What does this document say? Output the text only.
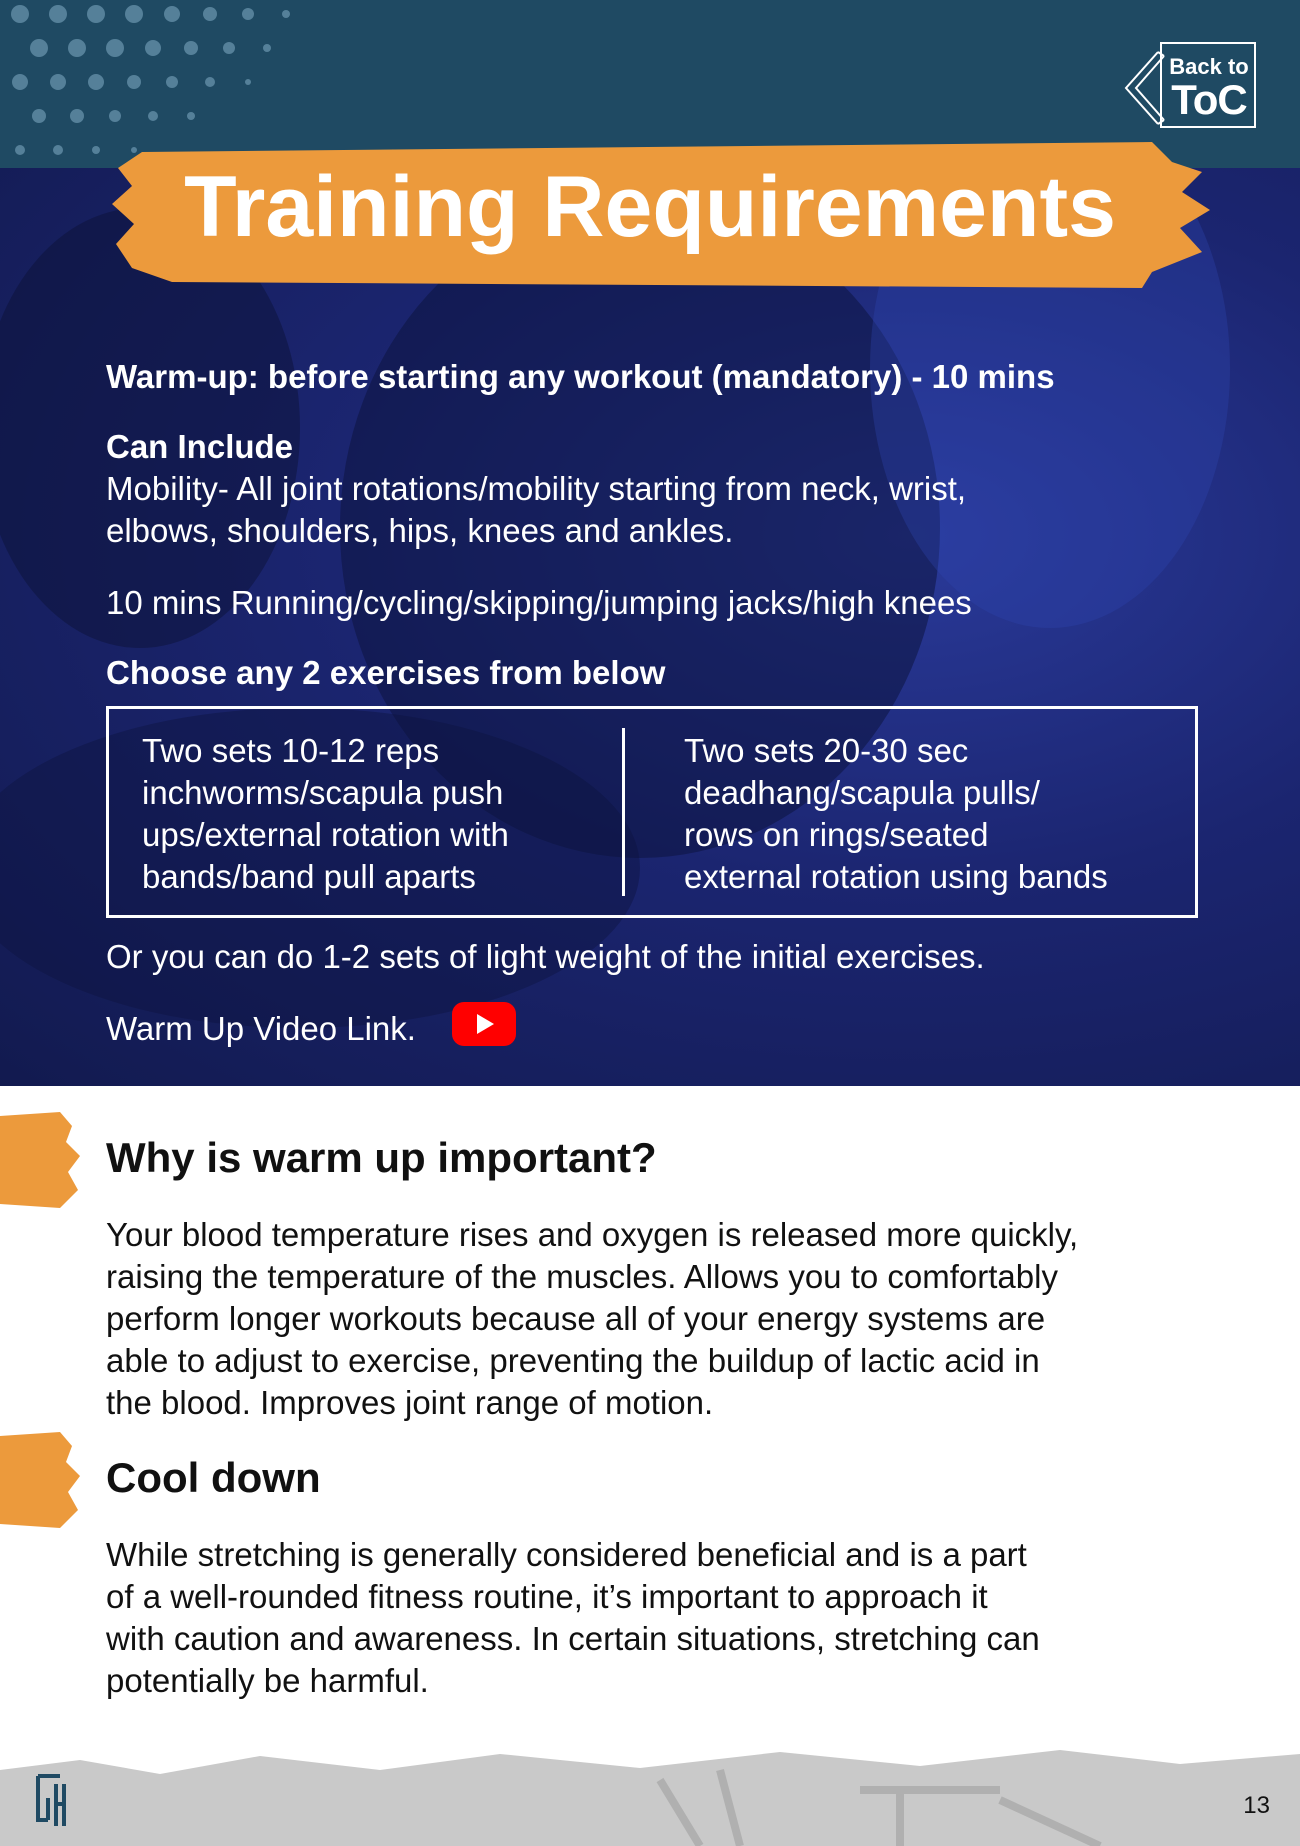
Back to
ToC
Training Requirements
Warm-up: before starting any workout (mandatory) - 10 mins
Can Include
Mobility- All joint rotations/mobility starting from neck, wrist,
elbows, shoulders, hips, knees and ankles.
10 mins Running/cycling/skipping/jumping jacks/high knees
Choose any 2 exercises from below
Two sets 10-12 reps
inchworms/scapula push
ups/external rotation with
bands/band pull aparts
Two sets 20-30 sec
deadhang/scapula pulls/
rows on rings/seated
external rotation using bands
Or you can do 1-2 sets of light weight of the initial exercises.
Warm Up Video Link.
Why is warm up important?
Your blood temperature rises and oxygen is released more quickly,
raising the temperature of the muscles. Allows you to comfortably
perform longer workouts because all of your energy systems are
able to adjust to exercise, preventing the buildup of lactic acid in
the blood. Improves joint range of motion.
Cool down
While stretching is generally considered beneficial and is a part
of a well-rounded fitness routine, it’s important to approach it
with caution and awareness. In certain situations, stretching can
potentially be harmful.
13
